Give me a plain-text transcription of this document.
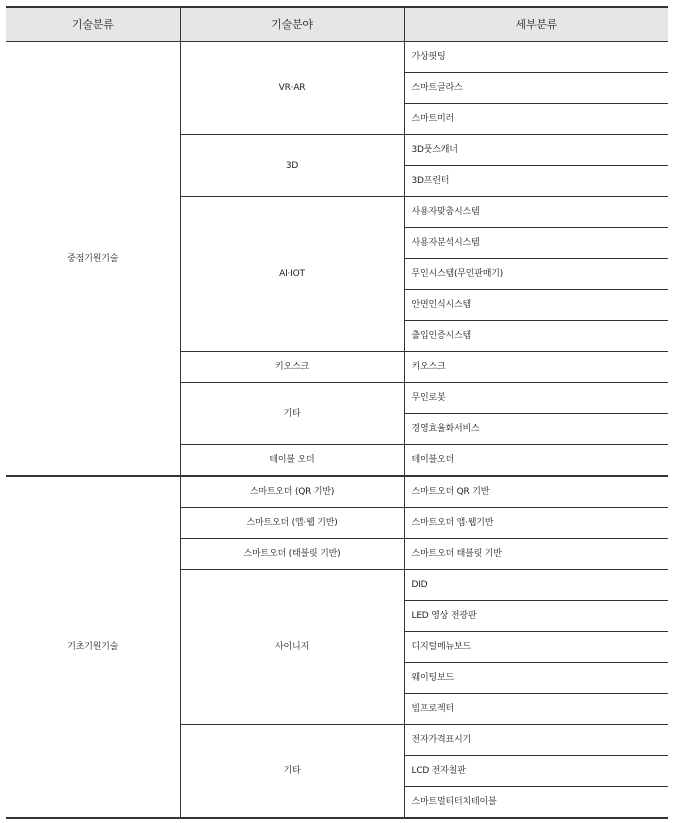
기술분류	기술분야	세부분류
중점기원기술	VR·AR	가상핏팅
		스마트글라스
		스마트미러
	3D	3D풋스캐너
		3D프린터
	AI·IOT	사용자맞춤시스템
		사용자분석시스템
		무인시스템(무인판매기)
		안면인식시스템
		출입인증시스템
	키오스크	키오스크
	기타	무인로봇
		경영효율화서비스
	테이블 오더	테이블오더
기초기원기술	스마트오더 (QR 기반)	스마트오더 QR 기반
	스마트오더 (앱·웹 기반)	스마트오더 앱·웹기반
	스마트오더 (태블릿 기반)	스마트오더 태블릿 기반
	사이니지	DID
		LED 영상 전광판
		디지털메뉴보드
		웨이팅보드
		빔프로젝터
	기타	전자가격표시기
		LCD 전자칠판
		스마트멀티터치테이블
